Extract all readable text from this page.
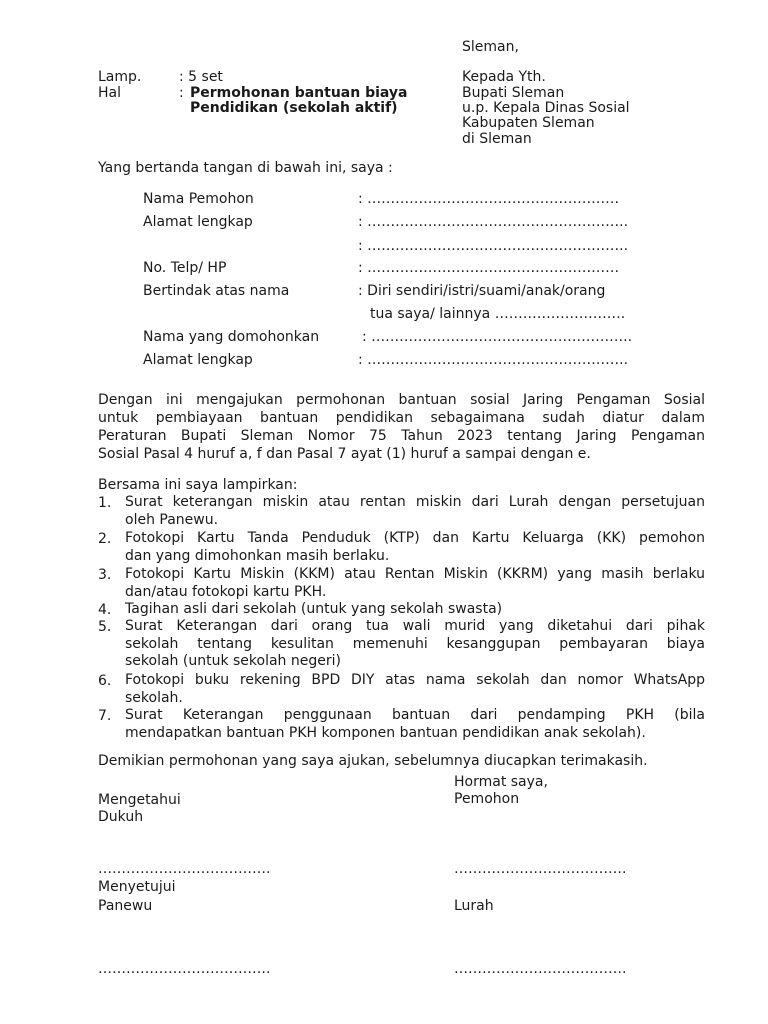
Sleman,
Lamp.	: 5 set
Hal	: Permohonan bantuan biaya
Pendidikan (sekolah aktif)
Kepada Yth.
Bupati Sleman
u.p. Kepala Dinas Sosial
Kabupaten Sleman
di Sleman
Yang bertanda tangan di bawah ini, saya :
Nama Pemohon	: ………………………………………………
Alamat lengkap	: ………………………………………………..
: ………………………………………………..
No. Telp/ HP	: ………………………………………………
Bertindak atas nama	: Diri sendiri/istri/suami/anak/orang
tua saya/ lainnya ……………………….
Nama yang domohonkan	: ………………………………………………..
Alamat lengkap	: ………………………………………………..
Dengan ini mengajukan permohonan bantuan sosial Jaring Pengaman Sosial
untuk pembiayaan bantuan pendidikan sebagaimana sudah diatur dalam
Peraturan Bupati Sleman Nomor 75 Tahun 2023 tentang Jaring Pengaman
Sosial Pasal 4 huruf a, f dan Pasal 7 ayat (1) huruf a sampai dengan e.
Bersama ini saya lampirkan:
1. Surat keterangan miskin atau rentan miskin dari Lurah dengan persetujuan
oleh Panewu.
2. Fotokopi Kartu Tanda Penduduk (KTP) dan Kartu Keluarga (KK) pemohon
dan yang dimohonkan masih berlaku.
3. Fotokopi Kartu Miskin (KKM) atau Rentan Miskin (KKRM) yang masih berlaku
dan/atau fotokopi kartu PKH.
4. Tagihan asli dari sekolah (untuk yang sekolah swasta)
5. Surat Keterangan dari orang tua wali murid yang diketahui dari pihak
sekolah tentang kesulitan memenuhi kesanggupan pembayaran biaya
sekolah (untuk sekolah negeri)
6. Fotokopi buku rekening BPD DIY atas nama sekolah dan nomor WhatsApp
sekolah.
7. Surat Keterangan penggunaan bantuan dari pendamping PKH (bila
mendapatkan bantuan PKH komponen bantuan pendidikan anak sekolah).
Demikian permohonan yang saya ajukan, sebelumnya diucapkan terimakasih.
Hormat saya,
Pemohon
Mengetahui
Dukuh
……………………………….	……………………………….
Menyetujui
Panewu	Lurah
……………………………….	……………………………….
